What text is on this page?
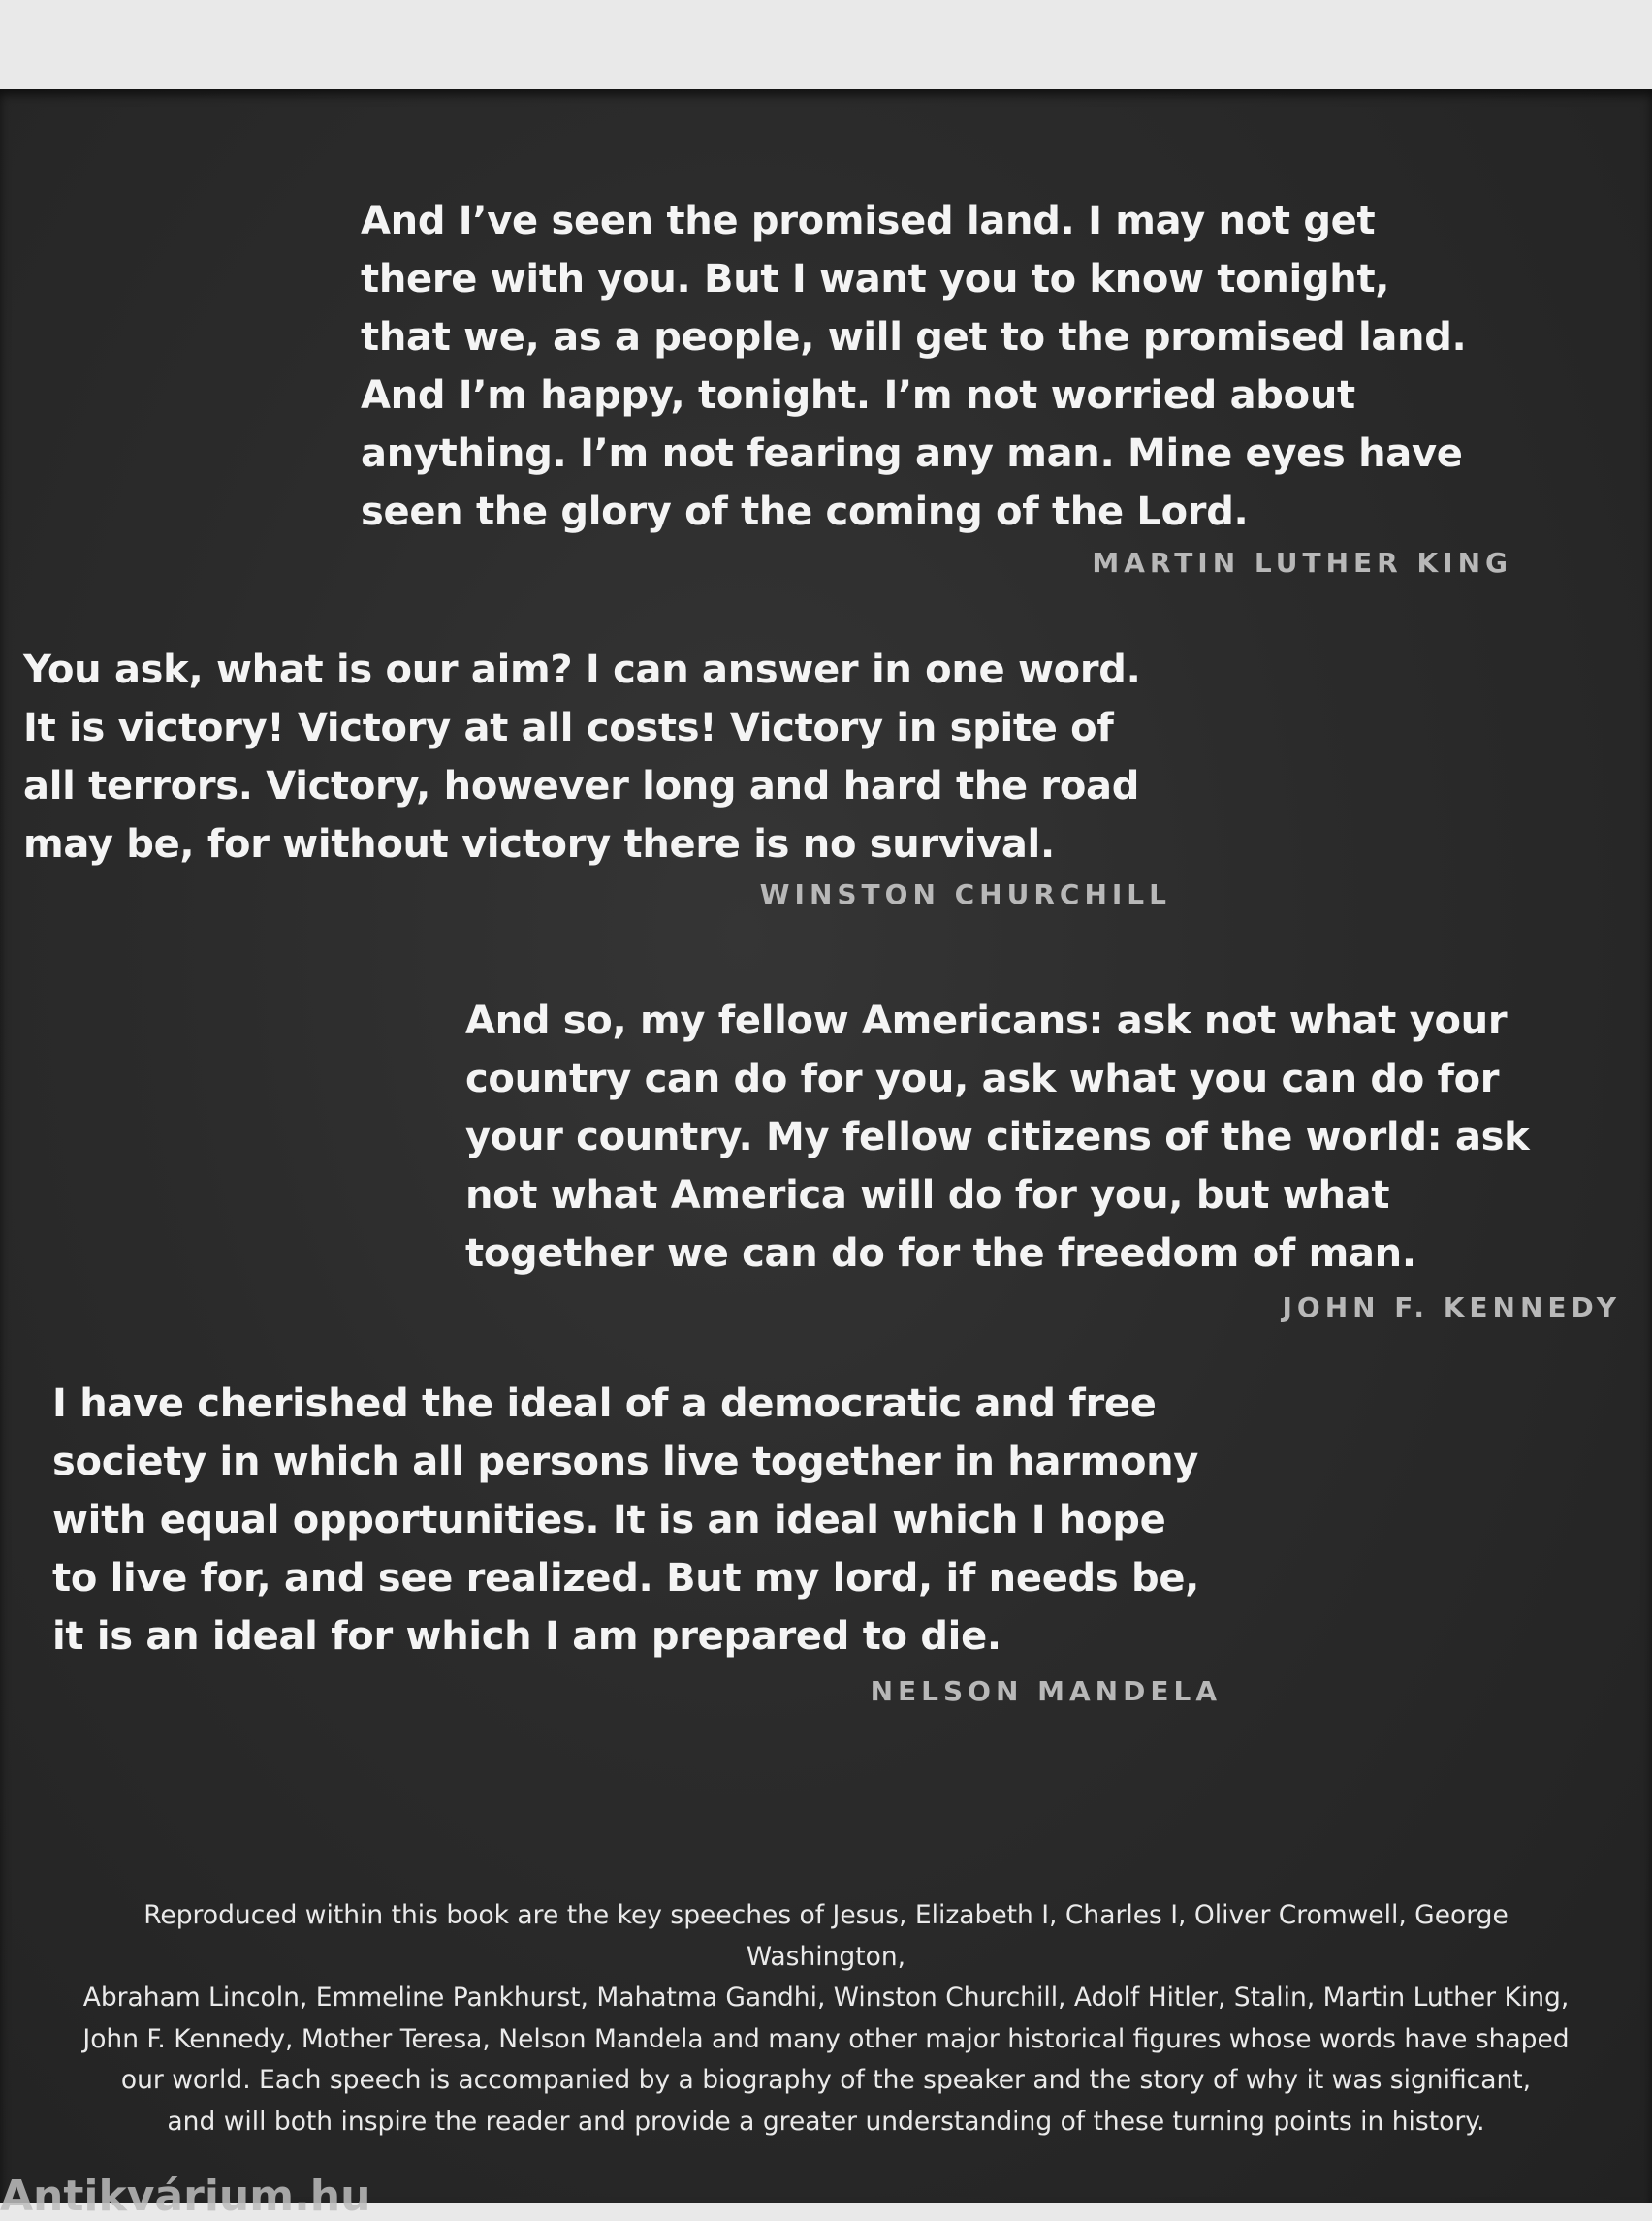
And I’ve seen the promised land. I may not get
there with you. But I want you to know tonight,
that we, as a people, will get to the promised land.
And I’m happy, tonight. I’m not worried about
anything. I’m not fearing any man. Mine eyes have
seen the glory of the coming of the Lord.
MARTIN LUTHER KING
You ask, what is our aim? I can answer in one word.
It is victory! Victory at all costs! Victory in spite of
all terrors. Victory, however long and hard the road
may be, for without victory there is no survival.
WINSTON CHURCHILL
And so, my fellow Americans: ask not what your
country can do for you, ask what you can do for
your country. My fellow citizens of the world: ask
not what America will do for you, but what
together we can do for the freedom of man.
JOHN F. KENNEDY
I have cherished the ideal of a democratic and free
society in which all persons live together in harmony
with equal opportunities. It is an ideal which I hope
to live for, and see realized. But my lord, if needs be,
it is an ideal for which I am prepared to die.
NELSON MANDELA
Reproduced within this book are the key speeches of Jesus, Elizabeth I, Charles I, Oliver Cromwell, George Washington,
Abraham Lincoln, Emmeline Pankhurst, Mahatma Gandhi, Winston Churchill, Adolf Hitler, Stalin, Martin Luther King,
John F. Kennedy, Mother Teresa, Nelson Mandela and many other major historical figures whose words have shaped
our world. Each speech is accompanied by a biography of the speaker and the story of why it was significant,
and will both inspire the reader and provide a greater understanding of these turning points in history.
Antikvárium.hu
